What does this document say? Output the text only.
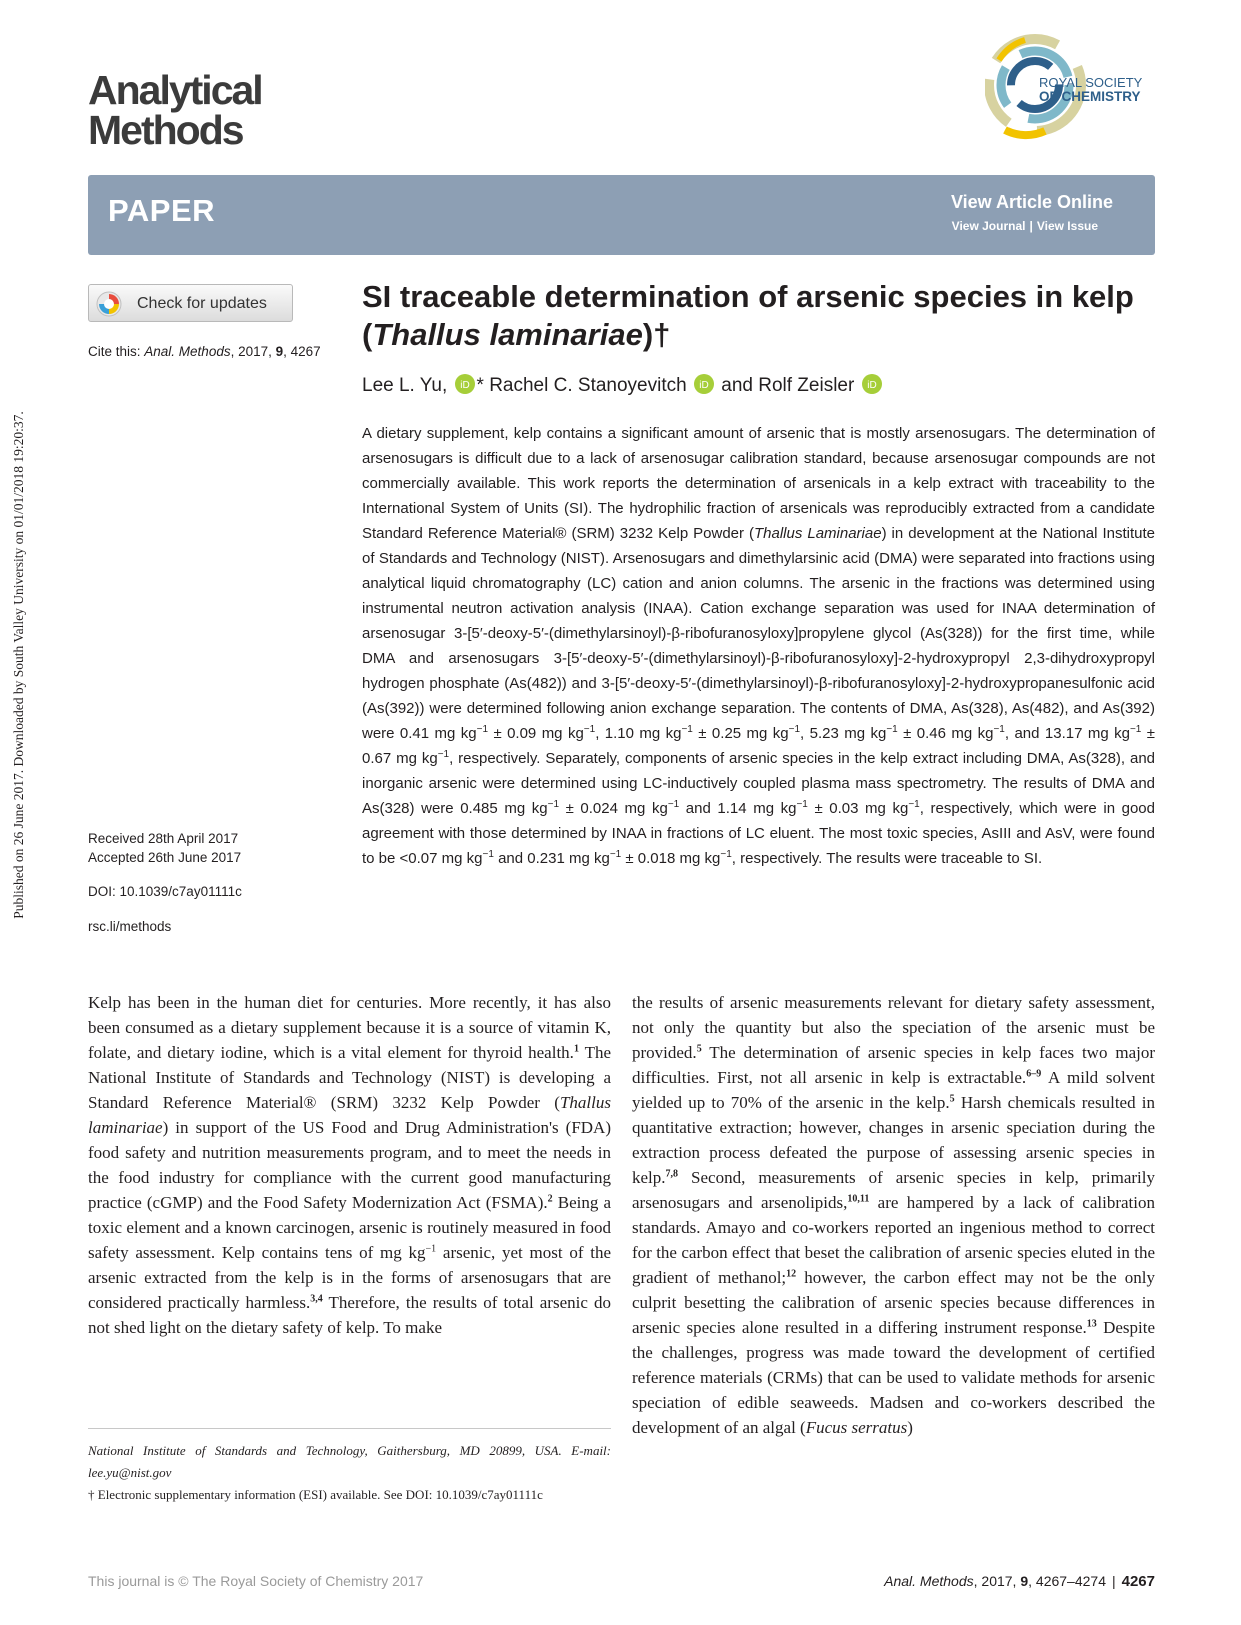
Analytical
Methods
ROYAL SOCIETY
OF CHEMISTRY
Published on 26 June 2017. Downloaded by South Valley University on 01/01/2018 19:20:37.
PAPER	View Article Online
View Journal | View Issue
Check for updates
Cite this: Anal. Methods, 2017, 9, 4267
SI traceable determination of arsenic species in kelp (Thallus laminariae)†
Lee L. Yu, iD * Rachel C. Stanoyevitch iD and Rolf Zeisler iD
Received 28th April 2017
Accepted 26th June 2017
DOI: 10.1039/c7ay01111c
rsc.li/methods
A dietary supplement, kelp contains a significant amount of arsenic that is mostly arsenosugars. The determination of arsenosugars is difficult due to a lack of arsenosugar calibration standard, because arsenosugar compounds are not commercially available. This work reports the determination of arsenicals in a kelp extract with traceability to the International System of Units (SI). The hydrophilic fraction of arsenicals was reproducibly extracted from a candidate Standard Reference Material® (SRM) 3232 Kelp Powder (Thallus Laminariae) in development at the National Institute of Standards and Technology (NIST). Arsenosugars and dimethylarsinic acid (DMA) were separated into fractions using analytical liquid chromatography (LC) cation and anion columns. The arsenic in the fractions was determined using instrumental neutron activation analysis (INAA). Cation exchange separation was used for INAA determination of arsenosugar 3-[5′-deoxy-5′-(dimethylarsinoyl)-β-ribofuranosyloxy]propylene glycol (As(328)) for the first time, while DMA and arsenosugars 3-[5′-deoxy-5′-(dimethylarsinoyl)-β-ribofuranosyloxy]-2-hydroxypropyl 2,3-dihydroxypropyl hydrogen phosphate (As(482)) and 3-[5′-deoxy-5′-(dimethylarsinoyl)-β-ribofuranosyloxy]-2-hydroxypropanesulfonic acid (As(392)) were determined following anion exchange separation. The contents of DMA, As(328), As(482), and As(392) were 0.41 mg $kg^{-1} \pm 0.09$ mg $kg^{-1}$, 1.10 mg $kg^{-1} \pm 0.25$ mg $kg^{-1}$, 5.23 mg $kg^{-1} \pm 0.46$ mg $kg^{-1}$, and 13.17 mg $kg^{-1} \pm 0.67$ mg $kg^{-1}$, respectively. Separately, components of arsenic species in the kelp extract including DMA, As(328), and inorganic arsenic were determined using LC-inductively coupled plasma mass spectrometry. The results of DMA and As(328) were 0.485 mg $kg^{-1} \pm 0.024$ mg $kg^{-1}$ and 1.14 mg $kg^{-1} \pm 0.03$ mg $kg^{-1}$, respectively, which were in good agreement with those determined by INAA in fractions of LC eluent. The most toxic species, AsIII and AsV, were found to be <0.07 mg $kg^{-1}$ and 0.231 mg $kg^{-1} \pm 0.018$ mg $kg^{-1}$, respectively. The results were traceable to SI.
Kelp has been in the human diet for centuries. More recently, it has also been consumed as a dietary supplement because it is a source of vitamin K, folate, and dietary iodine, which is a vital element for thyroid health.$^1$ The National Institute of Standards and Technology (NIST) is developing a Standard Reference Material® (SRM) 3232 Kelp Powder (Thallus laminariae) in support of the US Food and Drug Administration's (FDA) food safety and nutrition measurements program, and to meet the needs in the food industry for compliance with the current good manufacturing practice (cGMP) and the Food Safety Modernization Act (FSMA).$^2$ Being a toxic element and a known carcinogen, arsenic is routinely measured in food safety assessment. Kelp contains tens of mg $kg^{-1}$ arsenic, yet most of the arsenic extracted from the kelp is in the forms of arsenosugars that are considered practically harmless.$^{3,4}$ Therefore, the results of total arsenic do not shed light on the dietary safety of kelp. To make
the results of arsenic measurements relevant for dietary safety assessment, not only the quantity but also the speciation of the arsenic must be provided.$^5$ The determination of arsenic species in kelp faces two major difficulties. First, not all arsenic in kelp is extractable.$^{6-9}$ A mild solvent yielded up to 70% of the arsenic in the kelp.$^5$ Harsh chemicals resulted in quantitative extraction; however, changes in arsenic speciation during the extraction process defeated the purpose of assessing arsenic species in kelp.$^{7,8}$ Second, measurements of arsenic species in kelp, primarily arsenosugars and arsenolipids,$^{10,11}$ are hampered by a lack of calibration standards. Amayo and co-workers reported an ingenious method to correct for the carbon effect that beset the calibration of arsenic species eluted in the gradient of methanol;$^{12}$ however, the carbon effect may not be the only culprit besetting the calibration of arsenic species because differences in arsenic species alone resulted in a differing instrument response.$^{13}$ Despite the challenges, progress was made toward the development of certified reference materials (CRMs) that can be used to validate methods for arsenic speciation of edible seaweeds. Madsen and co-workers described the development of an algal (Fucus serratus)
National Institute of Standards and Technology, Gaithersburg, MD 20899, USA. E-mail: lee.yu@nist.gov
† Electronic supplementary information (ESI) available. See DOI: 10.1039/c7ay01111c
This journal is © The Royal Society of Chemistry 2017	Anal. Methods, 2017, 9, 4267–4274 | 4267
